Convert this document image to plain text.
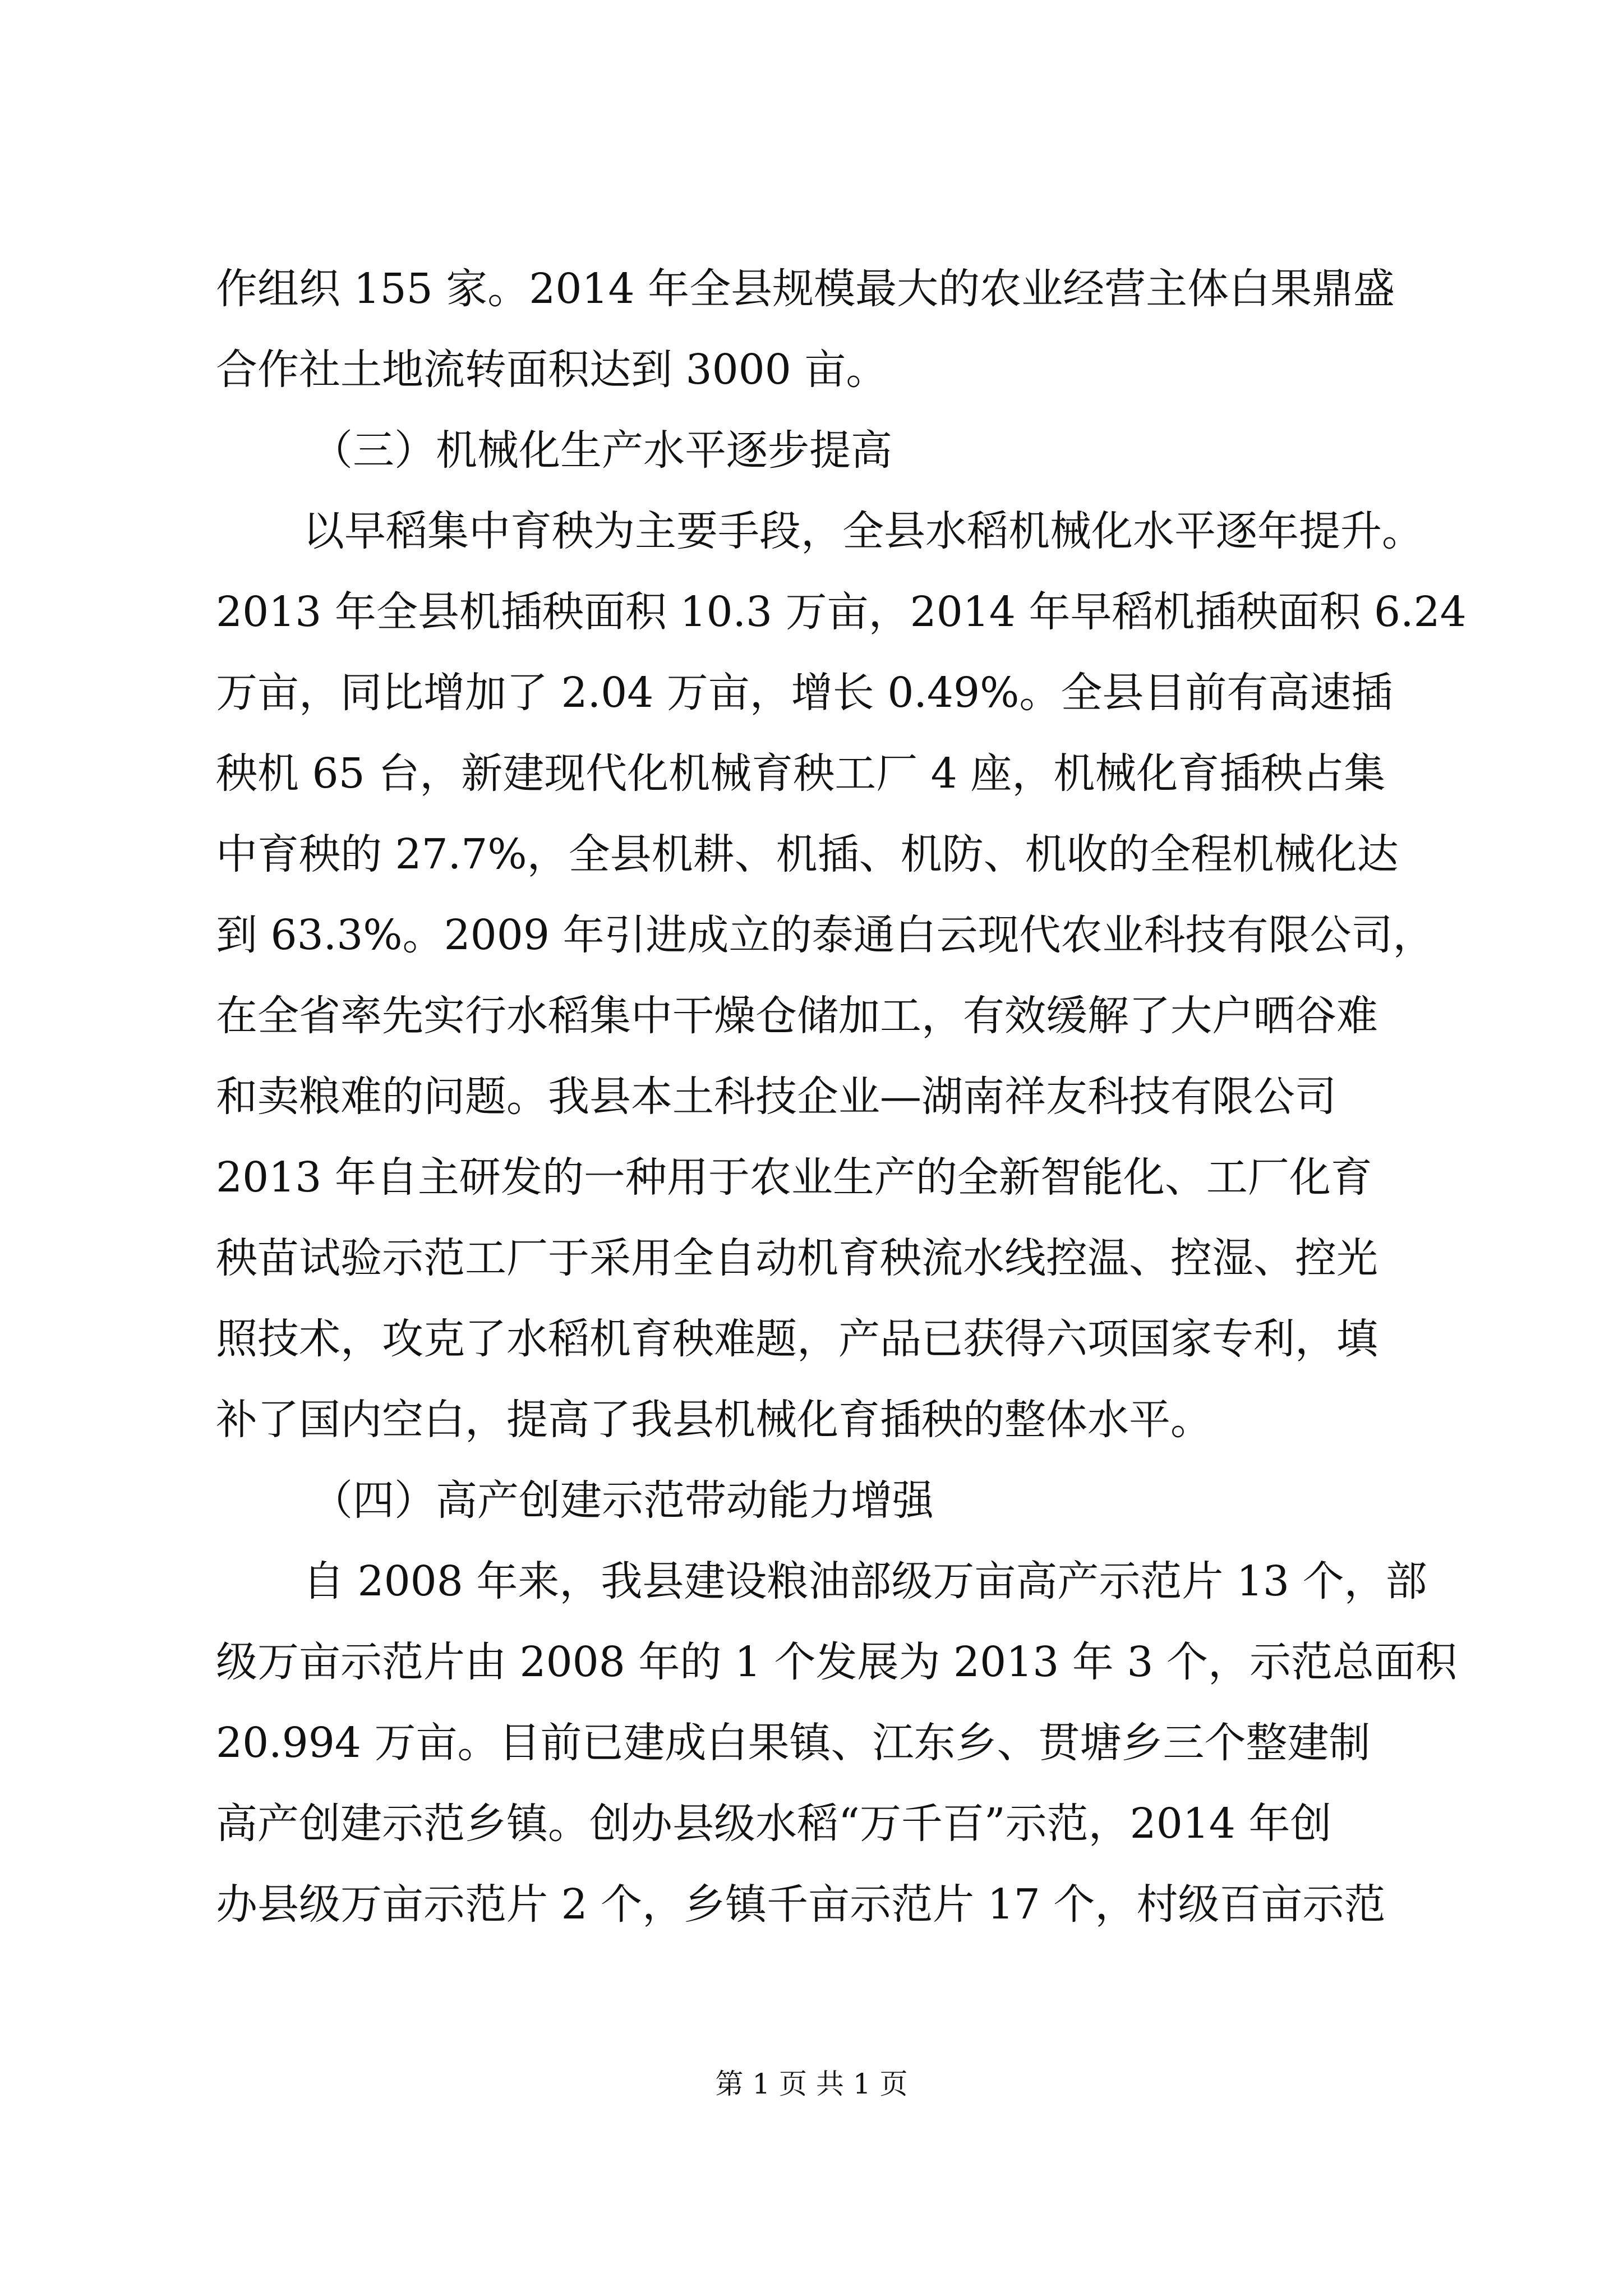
作组织 155 家。2014 年全县规模最大的农业经营主体白果鼎盛
合作社土地流转面积达到 3000 亩。
（三）机械化生产水平逐步提高
以早稻集中育秧为主要手段，全县水稻机械化水平逐年提升。
2013 年全县机插秧面积 10.3 万亩，2014 年早稻机插秧面积 6.24
万亩，同比增加了 2.04 万亩，增长 0.49%。全县目前有高速插
秧机 65 台，新建现代化机械育秧工厂 4 座，机械化育插秧占集
中育秧的 27.7%，全县机耕、机插、机防、机收的全程机械化达
到 63.3%。2009 年引进成立的泰通白云现代农业科技有限公司，
在全省率先实行水稻集中干燥仓储加工，有效缓解了大户晒谷难
和卖粮难的问题。我县本土科技企业—湖南祥友科技有限公司
2013 年自主研发的一种用于农业生产的全新智能化、工厂化育
秧苗试验示范工厂于采用全自动机育秧流水线控温、控湿、控光
照技术，攻克了水稻机育秧难题，产品已获得六项国家专利，填
补了国内空白，提高了我县机械化育插秧的整体水平。
（四）高产创建示范带动能力增强
自 2008 年来，我县建设粮油部级万亩高产示范片 13 个，部
级万亩示范片由 2008 年的 1 个发展为 2013 年 3 个，示范总面积
20.994 万亩。目前已建成白果镇、江东乡、贯塘乡三个整建制
高产创建示范乡镇。创办县级水稻“万千百”示范，2014 年创
办县级万亩示范片 2 个，乡镇千亩示范片 17 个，村级百亩示范
第 1 页 共 1 页
